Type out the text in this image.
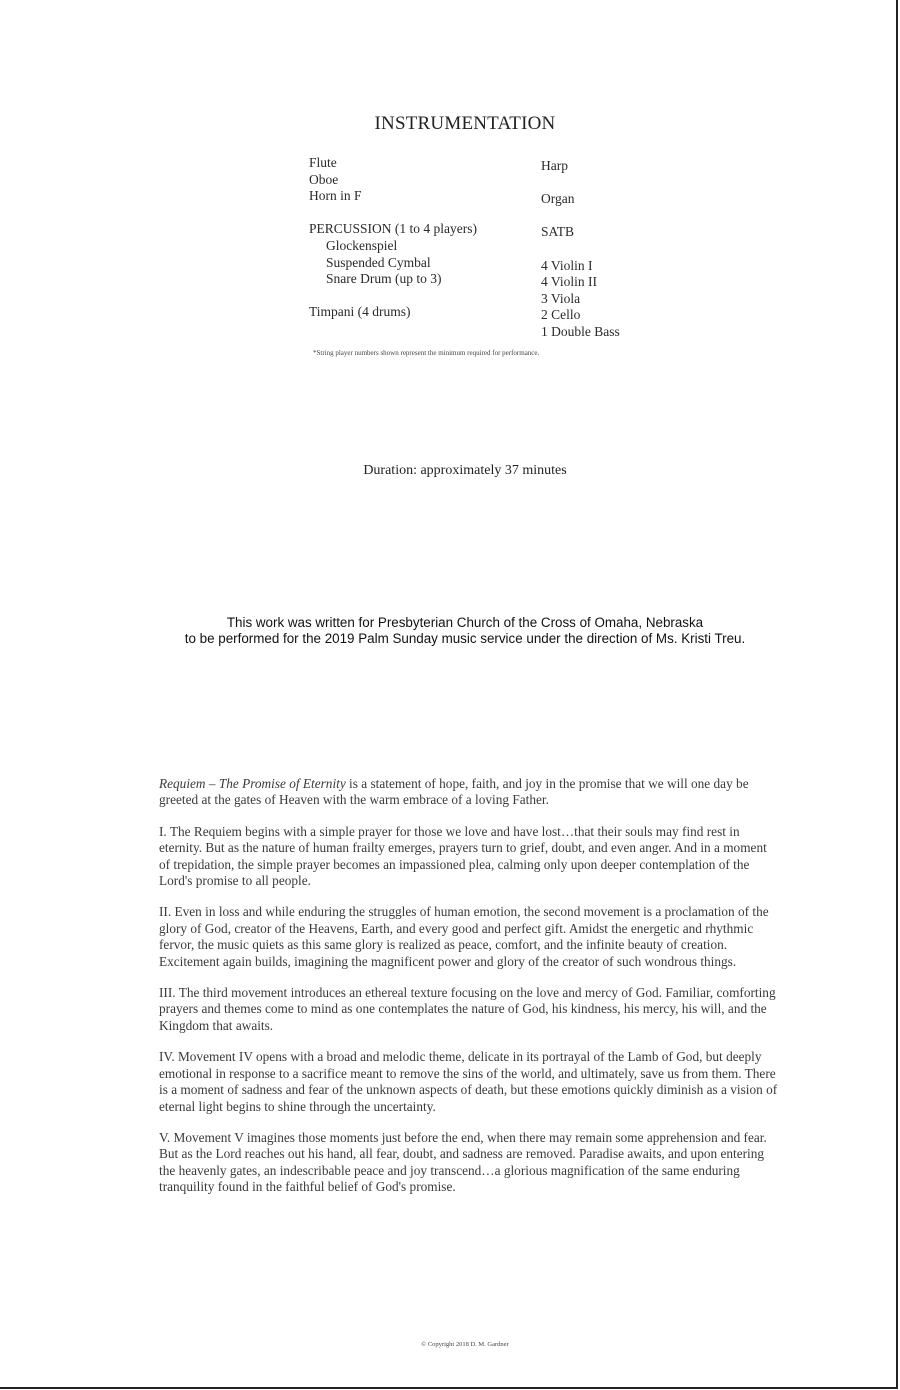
INSTRUMENTATION
Flute
Oboe
Horn in F
PERCUSSION (1 to 4 players)
Glockenspiel
Suspended Cymbal
Snare Drum (up to 3)
Timpani (4 drums)
Harp
Organ
SATB
4 Violin I
4 Violin II
3 Viola
2 Cello
1 Double Bass
*String player numbers shown represent the minimum required for performance.
Duration: approximately 37 minutes
This work was written for Presbyterian Church of the Cross of Omaha, Nebraska
to be performed for the 2019 Palm Sunday music service under the direction of Ms. Kristi Treu.

Requiem – The Promise of Eternity is a statement of hope, faith, and joy in the promise that we will one day be greeted at the gates of Heaven with the warm embrace of a loving Father.

I. The Requiem begins with a simple prayer for those we love and have lost…that their souls may find rest in eternity. But as the nature of human frailty emerges, prayers turn to grief, doubt, and even anger. And in a moment of trepidation, the simple prayer becomes an impassioned plea, calming only upon deeper contemplation of the Lord's promise to all people.

II. Even in loss and while enduring the struggles of human emotion, the second movement is a proclamation of the glory of God, creator of the Heavens, Earth, and every good and perfect gift. Amidst the energetic and rhythmic fervor, the music quiets as this same glory is realized as peace, comfort, and the infinite beauty of creation. Excitement again builds, imagining the magnificent power and glory of the creator of such wondrous things.

III. The third movement introduces an ethereal texture focusing on the love and mercy of God. Familiar, comforting prayers and themes come to mind as one contemplates the nature of God, his kindness, his mercy, his will, and the Kingdom that awaits.

IV. Movement IV opens with a broad and melodic theme, delicate in its portrayal of the Lamb of God, but deeply emotional in response to a sacrifice meant to remove the sins of the world, and ultimately, save us from them. There is a moment of sadness and fear of the unknown aspects of death, but these emotions quickly diminish as a vision of eternal light begins to shine through the uncertainty.

V. Movement V imagines those moments just before the end, when there may remain some apprehension and fear. But as the Lord reaches out his hand, all fear, doubt, and sadness are removed. Paradise awaits, and upon entering the heavenly gates, an indescribable peace and joy transcend…a glorious magnification of the same enduring tranquility found in the faithful belief of God's promise.

© Copyright 2018 D. M. Gardner
